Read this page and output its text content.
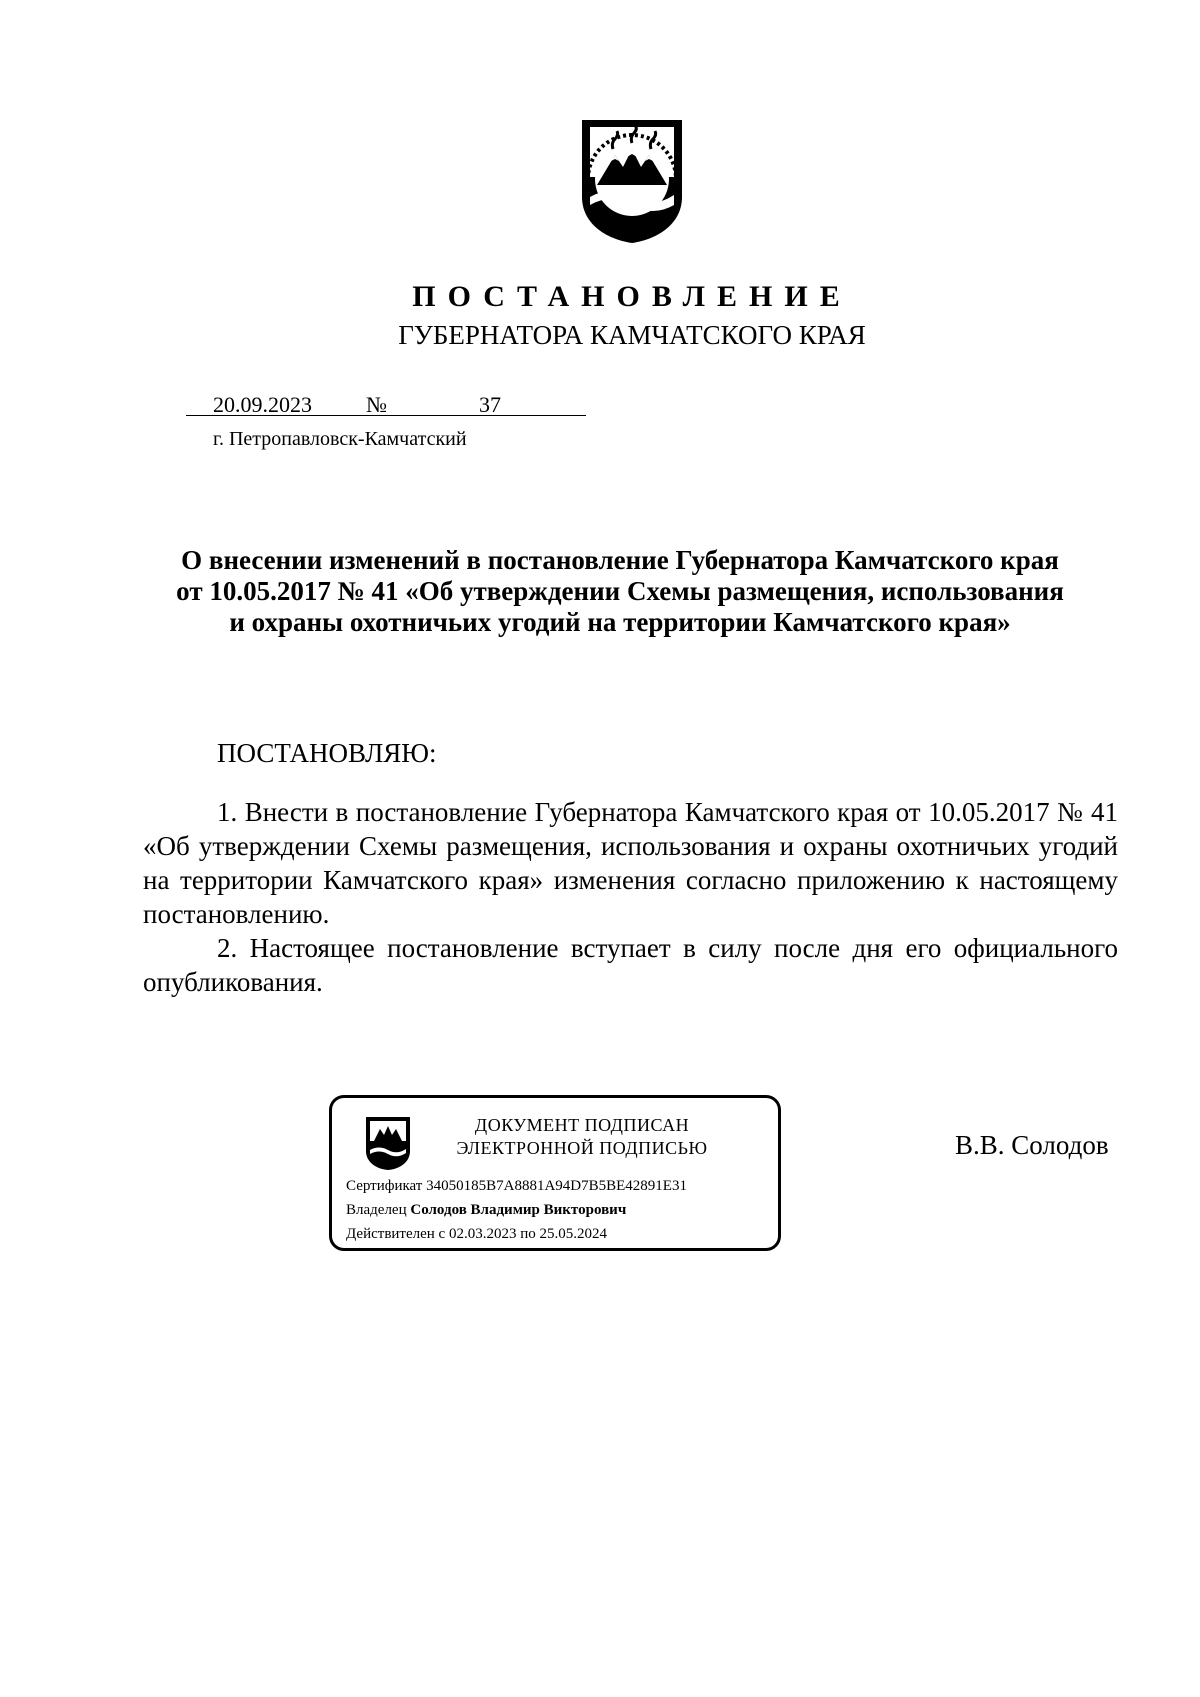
ПОСТАНОВЛЕНИЕ
ГУБЕРНАТОРА КАМЧАТСКОГО КРАЯ
20.09.2023 №	37
г. Петропавловск-Камчатский
О внесении изменений в постановление Губернатора Камчатского края
от 10.05.2017 № 41 «Об утверждении Схемы размещения, использования
и охраны охотничьих угодий на территории Камчатского края»
ПОСТАНОВЛЯЮ:

1. Внести в постановление Губернатора Камчатского края от 10.05.2017 № 41 «Об утверждении Схемы размещения, использования и охраны охотничьих угодий на территории Камчатского края» изменения согласно приложению к настоящему постановлению.

2. Настоящее постановление вступает в силу после дня его официального опубликования.

ДОКУМЕНТ ПОДПИСАН
ЭЛЕКТРОННОЙ ПОДПИСЬЮ
Сертификат 34050185B7A8881A94D7B5BE42891E31
Владелец Солодов Владимир Викторович
Действителен с 02.03.2023 по 25.05.2024
В.В. Солодов
